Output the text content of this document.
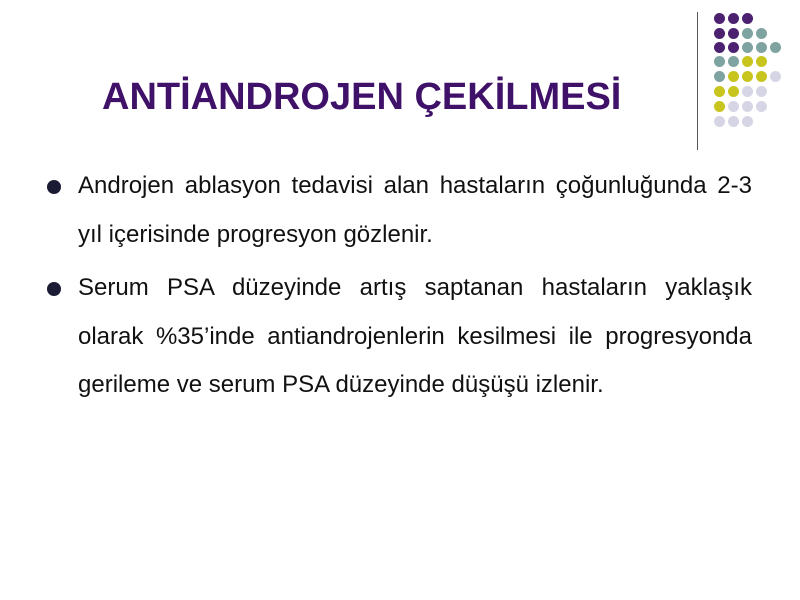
ANTİANDROJEN ÇEKİLMESİ
Androjen ablasyon tedavisi alan hastaların çoğunluğunda 2-3 yıl içerisinde progresyon gözlenir.
Serum PSA düzeyinde artış saptanan hastaların yaklaşık olarak %35’inde antiandrojenlerin kesilmesi ile progresyonda gerileme ve serum PSA düzeyinde düşüşü izlenir.
